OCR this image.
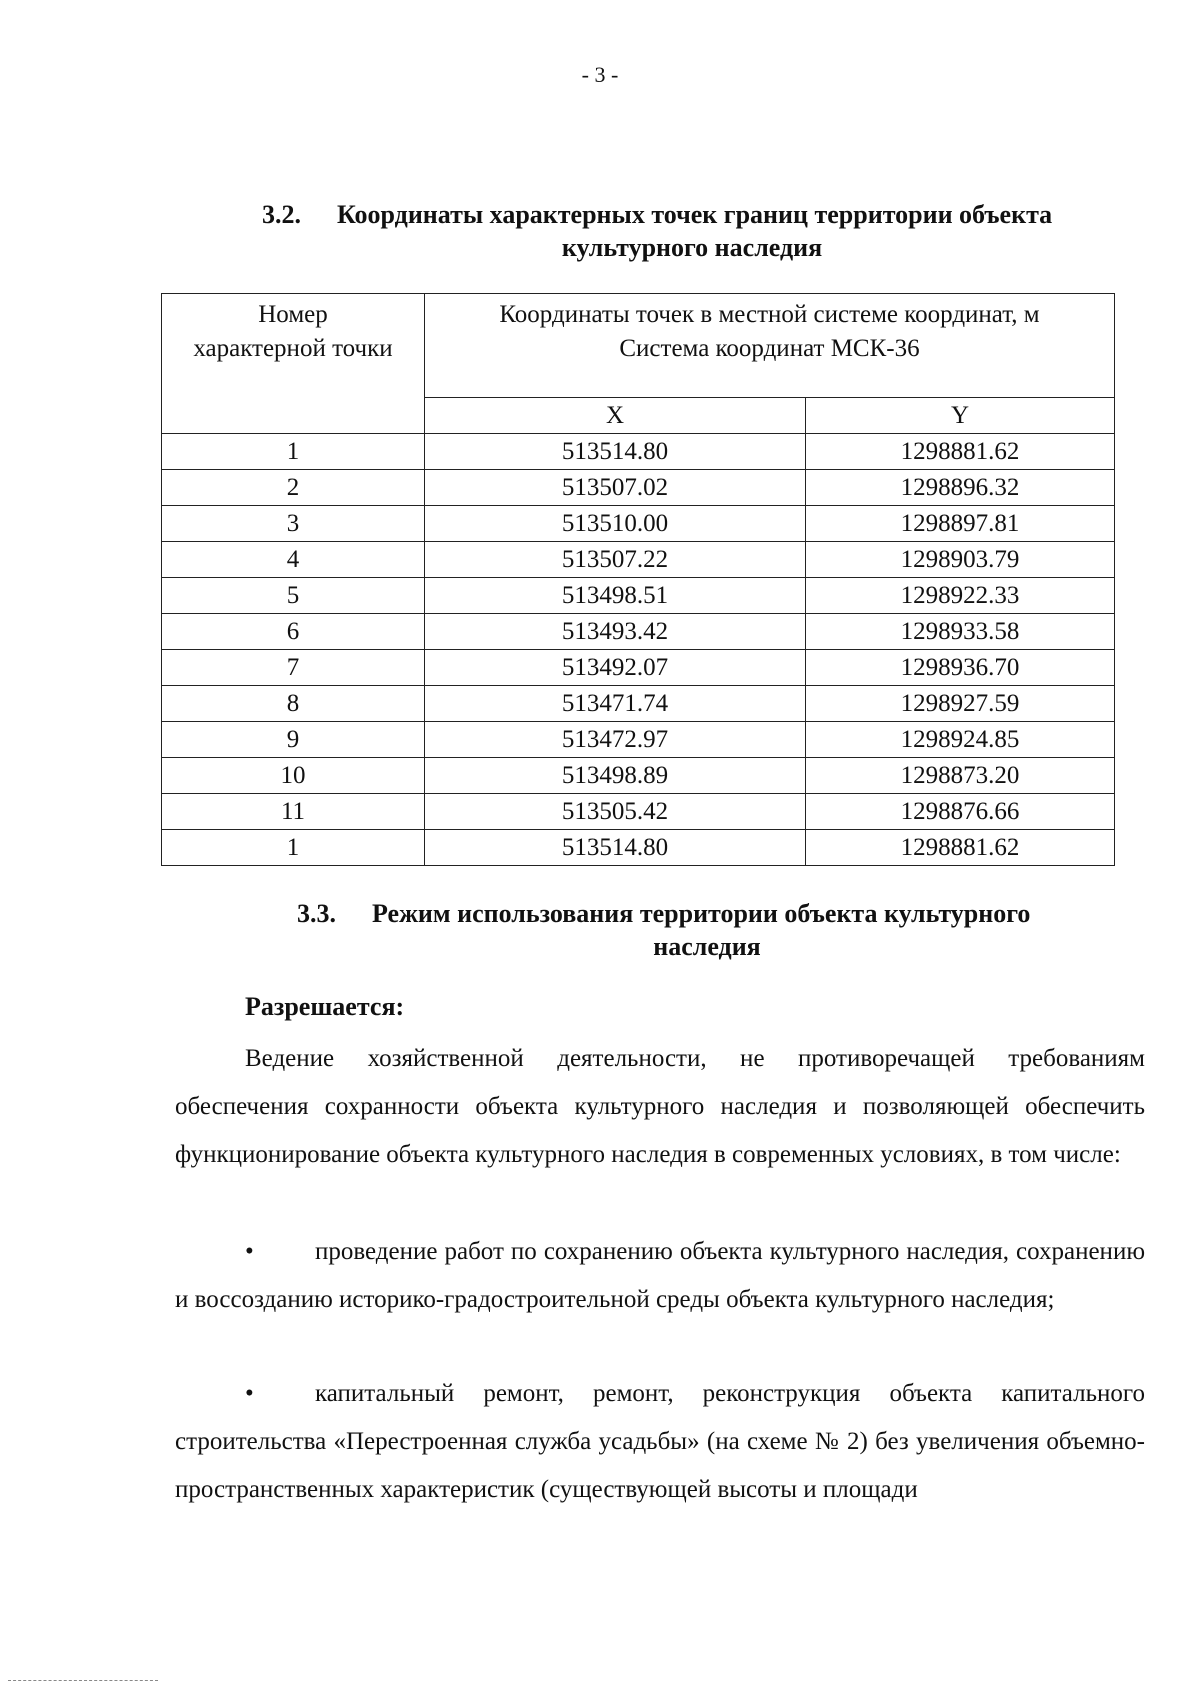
- 3 -
3.2. Координаты характерных точек границ территории объекта
культурного наследия
Номер
характерной точки	Координаты точек в местной системе координат, м
Система координат МСК-36	
	X	Y
1	513514.80	1298881.62
2	513507.02	1298896.32
3	513510.00	1298897.81
4	513507.22	1298903.79
5	513498.51	1298922.33
6	513493.42	1298933.58
7	513492.07	1298936.70
8	513471.74	1298927.59
9	513472.97	1298924.85
10	513498.89	1298873.20
11	513505.42	1298876.66
1	513514.80	1298881.62
3.3. Режим использования территории объекта культурного
наследия
Разрешается:

Ведение хозяйственной деятельности, не противоречащей требованиям обеспечения сохранности объекта культурного наследия и позволяющей обеспечить функционирование объекта культурного наследия в современных условиях, в том числе:

• проведение работ по сохранению объекта культурного наследия, сохранению и воссозданию историко-градостроительной среды объекта культурного наследия;

• капитальный ремонт, ремонт, реконструкция объекта капитального строительства «Перестроенная служба усадьбы» (на схеме № 2) без увеличения объемно-пространственных характеристик (существующей высоты и площади
